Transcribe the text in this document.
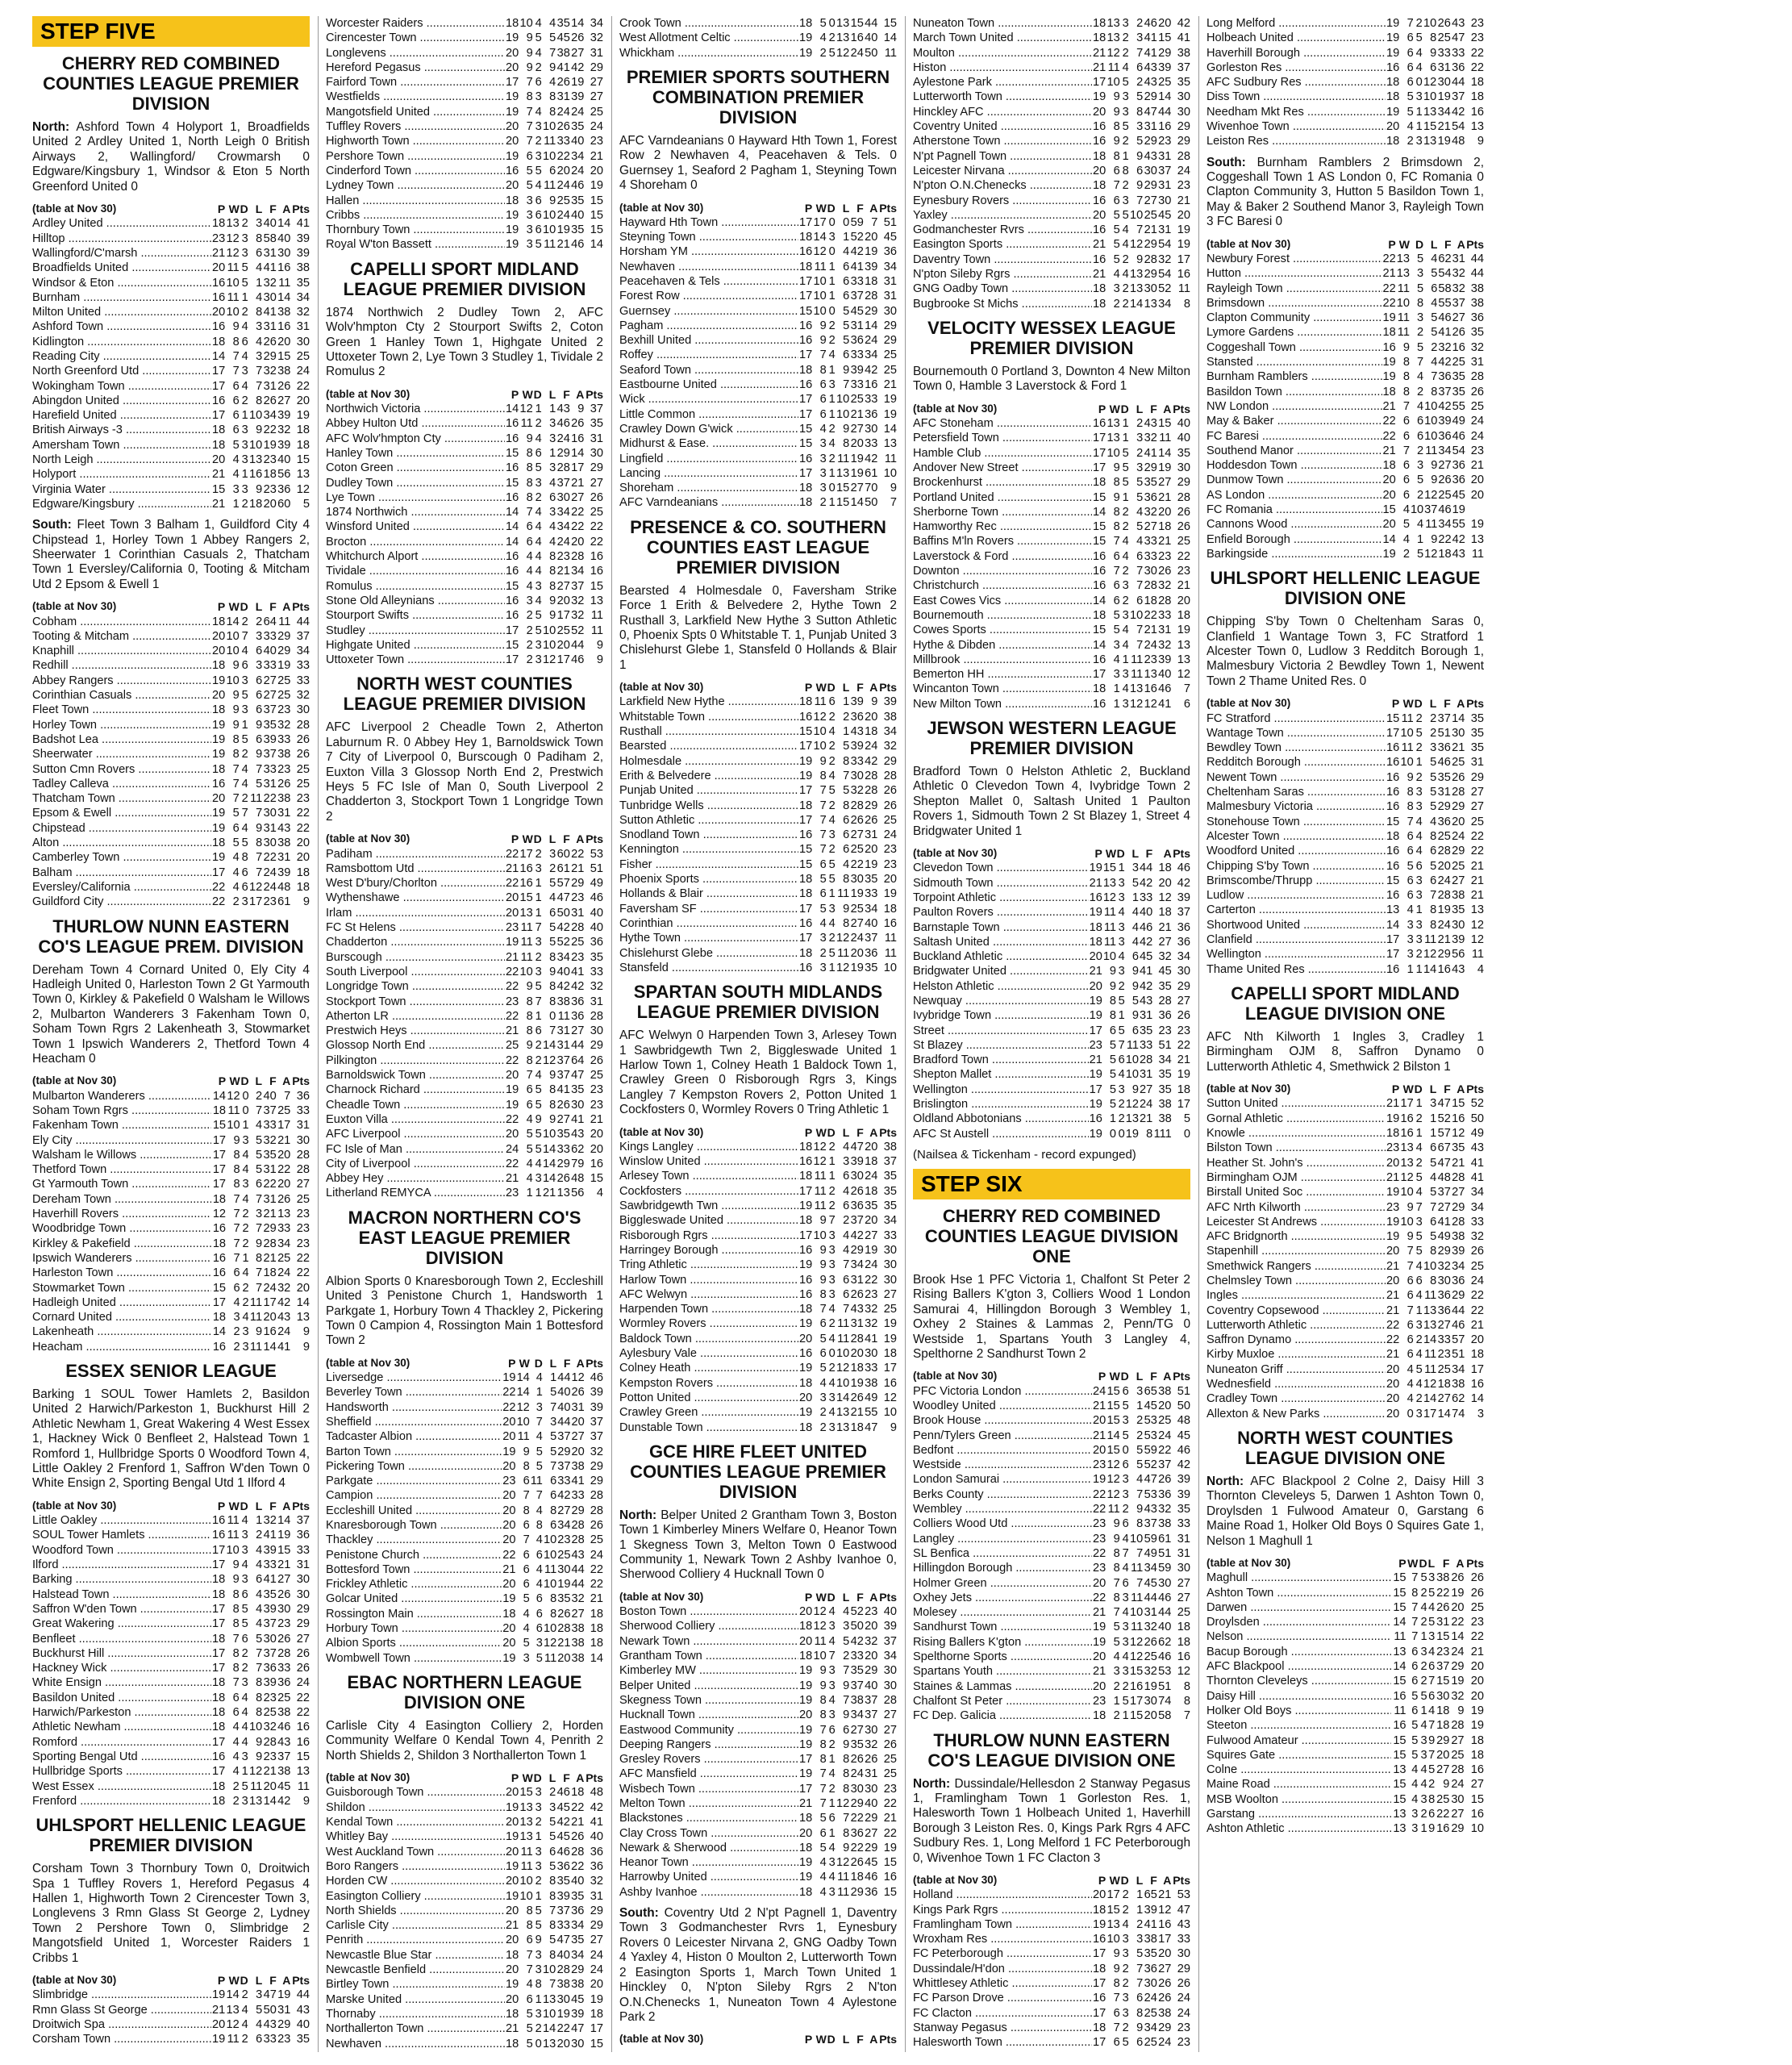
STEP FIVE
CHERRY RED COMBINED COUNTIES LEAGUE PREMIER DIVISION
North: Ashford Town 4 Holyport 1, Broadfields United 2 Ardley United 1, North Leigh 0 British Airways 2, Wallingford/ Crowmarsh 0 Edgware/Kingsbury 1, Windsor & Eton 5 North Greenford United 0
(table at Nov 30)	P	W	D	L	F	A	Pts
Ardley United .....	18	13	2	3	40	14	41
Hilltop .....	23	12	3	8	58	40	39
Wallingford/C'marsh .....	21	12	3	6	31	30	39
Broadfields United .....	20	11	5	4	41	16	38
Windsor & Eton .....	16	10	5	1	32	11	35
Burnham .....	16	11	1	4	30	14	34
Milton United .....	20	10	2	8	41	38	32
Ashford Town .....	16	9	4	3	31	16	31
Kidlington .....	18	8	6	4	26	20	30
Reading City .....	14	7	4	3	29	15	25
North Greenford Utd .....	17	7	3	7	32	38	24
Wokingham Town .....	17	6	4	7	31	26	22
Abingdon United .....	16	6	2	8	26	27	20
Harefield United .....	17	6	1	10	34	39	19
British Airways -3 .....	18	6	3	9	22	32	18
Amersham Town .....	18	5	3	10	19	39	18
North Leigh .....	20	4	3	13	23	40	15
Holyport .....	21	4	1	16	18	56	13
Virginia Water .....	15	3	3	9	23	36	12
Edgware/Kingsbury .....	21	1	2	18	20	60	5
South: Fleet Town 3 Balham 1, Guildford City 4 Chipstead 1, Horley Town 1 Abbey Rangers 2, Sheerwater 1 Corinthian Casuals 2, Thatcham Town 1 Eversley/California 0, Tooting & Mitcham Utd 2 Epsom & Ewell 1
(table at Nov 30)	P	W	D	L	F	A	Pts
Cobham .....	18	14	2	2	64	11	44
Tooting & Mitcham .....	20	10	7	3	33	29	37
Knaphill .....	20	10	4	6	40	29	34
Redhill .....	18	9	6	3	33	19	33
Abbey Rangers .....	19	10	3	6	27	25	33
Corinthian Casuals .....	20	9	5	6	27	25	32
Fleet Town .....	18	9	3	6	37	23	30
Horley Town .....	19	9	1	9	35	32	28
Badshot Lea .....	19	8	5	6	39	33	26
Sheerwater .....	19	8	2	9	37	38	26
Sutton Cmn Rovers .....	18	7	4	7	33	23	25
Tadley Calleva .....	16	7	4	5	31	26	25
Thatcham Town .....	20	7	2	11	22	38	23
Epsom & Ewell .....	19	5	7	7	30	31	22
Chipstead .....	19	6	4	9	31	43	22
Alton .....	18	5	5	8	30	38	20
Camberley Town .....	19	4	8	7	22	31	20
Balham .....	17	4	6	7	24	39	18
Eversley/California .....	22	4	6	12	24	48	18
Guildford City .....	22	2	3	17	23	61	9
THURLOW NUNN EASTERN CO'S LEAGUE PREM. DIVISION
Dereham Town 4 Cornard United 0, Ely City 4 Hadleigh United 0, Harleston Town 2 Gt Yarmouth Town 0, Kirkley & Pakefield 0 Walsham le Willows 2, Mulbarton Wanderers 3 Fakenham Town 0, Soham Town Rgrs 2 Lakenheath 3, Stowmarket Town 1 Ipswich Wanderers 2, Thetford Town 4 Heacham 0
(table at Nov 30)	P	W	D	L	F	A	Pts
Mulbarton Wanderers .....	14	12	0	2	40	7	36
Soham Town Rgrs .....	18	11	0	7	37	25	33
Fakenham Town .....	15	10	1	4	33	17	31
Ely City .....	17	9	3	5	32	21	30
Walsham le Willows .....	17	8	4	5	35	20	28
Thetford Town .....	17	8	4	5	31	22	28
Gt Yarmouth Town .....	17	8	3	6	22	20	27
Dereham Town .....	18	7	4	7	31	26	25
Haverhill Rovers .....	12	7	2	3	21	13	23
Woodbridge Town .....	16	7	2	7	29	33	23
Kirkley & Pakefield .....	18	7	2	9	28	34	23
Ipswich Wanderers .....	16	7	1	8	21	25	22
Harleston Town .....	16	6	4	7	18	24	22
Stowmarket Town .....	15	6	2	7	24	32	20
Hadleigh United .....	17	4	2	11	17	42	14
Cornard United .....	18	3	4	11	20	43	13
Lakenheath .....	14	2	3	9	16	24	9
Heacham .....	16	2	3	11	14	41	9
ESSEX SENIOR LEAGUE
Barking 1 SOUL Tower Hamlets 2, Basildon United 2 Harwich/Parkeston 1, Buckhurst Hill 2 Athletic Newham 1, Great Wakering 4 West Essex 1, Hackney Wick 0 Benfleet 2, Halstead Town 1 Romford 1, Hullbridge Sports 0 Woodford Town 4, Little Oakley 2 Frenford 1, Saffron W'den Town 0 White Ensign 2, Sporting Bengal Utd 1 Ilford 4
(table at Nov 30)	P	W	D	L	F	A	Pts
Little Oakley .....	16	11	4	1	32	14	37
SOUL Tower Hamlets .....	16	11	3	2	41	19	36
Woodford Town .....	17	10	3	4	39	15	33
Ilford .....	17	9	4	4	33	21	31
Barking .....	18	9	3	6	41	27	30
Halstead Town .....	18	8	6	4	35	26	30
Saffron W'den Town .....	17	8	5	4	39	30	29
Great Wakering .....	17	8	5	4	37	23	29
Benfleet .....	18	7	6	5	30	26	27
Buckhurst Hill .....	17	8	2	7	37	28	26
Hackney Wick .....	17	8	2	7	36	33	26
White Ensign .....	18	7	3	8	39	36	24
Basildon United .....	18	6	4	8	23	25	22
Harwich/Parkeston .....	18	6	4	8	25	38	22
Athletic Newham .....	18	4	4	10	32	46	16
Romford .....	17	4	4	9	28	43	16
Sporting Bengal Utd .....	16	4	3	9	23	37	15
Hullbridge Sports .....	17	4	1	12	21	38	13
West Essex .....	18	2	5	11	20	45	11
Frenford .....	18	2	3	13	14	42	9
UHLSPORT HELLENIC LEAGUE PREMIER DIVISION
Corsham Town 3 Thornbury Town 0, Droitwich Spa 1 Tuffley Rovers 1, Hereford Pegasus 4 Hallen 1, Highworth Town 2 Cirencester Town 3, Longlevens 3 Rmn Glass St George 2, Lydney Town 2 Pershore Town 0, Slimbridge 2 Mangotsfield United 1, Worcester Raiders 1 Cribbs 1
(table at Nov 30)	P	W	D	L	F	A	Pts
Slimbridge .....	19	14	2	3	47	19	44
Rmn Glass St George .....	21	13	4	5	50	31	43
Droitwich Spa .....	20	12	4	4	43	29	40
Corsham Town .....	19	11	2	6	33	23	35
Worcester Raiders .....	18	10	4	4	35	14	34
Cirencester Town .....	19	9	5	5	45	26	32
Longlevens .....	20	9	4	7	38	27	31
Hereford Pegasus .....	20	9	2	9	41	42	29
Fairford Town .....	17	7	6	4	26	19	27
Westfields .....	19	8	3	8	31	39	27
Mangotsfield United .....	19	7	4	8	24	24	25
Tuffley Rovers .....	20	7	3	10	26	35	24
Highworth Town .....	20	7	2	11	33	40	23
Pershore Town .....	19	6	3	10	22	34	21
Cinderford Town .....	16	5	5	6	20	24	20
Lydney Town .....	20	5	4	11	24	46	19
Hallen .....	18	3	6	9	25	35	15
Cribbs .....	19	3	6	10	24	40	15
Thornbury Town .....	19	3	6	10	19	35	15
Royal W'ton Bassett .....	19	3	5	11	21	46	14
CAPELLI SPORT MIDLAND LEAGUE PREMIER DIVISION
1874 Northwich 2 Dudley Town 2, AFC Wolv'hmpton Cty 2 Stourport Swifts 2, Coton Green 1 Hanley Town 1, Highgate United 2 Uttoxeter Town 2, Lye Town 3 Studley 1, Tividale 2 Romulus 2
(table at Nov 30)	P	W	D	L	F	A	Pts
Northwich Victoria .....	14	12	1	1	43	9	37
Abbey Hulton Utd .....	16	11	2	3	46	26	35
AFC Wolv'hmpton Cty .....	16	9	4	3	24	16	31
Hanley Town .....	15	8	6	1	29	14	30
Coton Green .....	16	8	5	3	28	17	29
Dudley Town .....	15	8	3	4	37	21	27
Lye Town .....	16	8	2	6	30	27	26
1874 Northwich .....	14	7	4	3	34	22	25
Winsford United .....	14	6	4	4	34	22	22
Brocton .....	14	6	4	4	24	20	22
Whitchurch Alport .....	16	4	4	8	23	28	16
Tividale .....	16	4	4	8	21	34	16
Romulus .....	15	4	3	8	27	37	15
Stone Old Alleynians .....	16	3	4	9	20	32	13
Stourport Swifts .....	16	2	5	9	17	32	11
Studley .....	17	2	5	10	25	52	11
Highgate United .....	15	2	3	10	20	44	9
Uttoxeter Town .....	17	2	3	12	17	46	9
NORTH WEST COUNTIES LEAGUE PREMIER DIVISION
AFC Liverpool 2 Cheadle Town 2, Atherton Laburnum R. 0 Abbey Hey 1, Barnoldswick Town 7 City of Liverpool 0, Burscough 0 Padiham 2, Euxton Villa 3 Glossop North End 2, Prestwich Heys 5 FC Isle of Man 0, South Liverpool 2 Chadderton 3, Stockport Town 1 Longridge Town 2
(table at Nov 30)	P	W	D	L	F	A	Pts
Padiham .....	22	17	2	3	60	22	53
Ramsbottom Utd .....	21	16	3	2	61	21	51
West D'bury/Chorlton .....	22	16	1	5	57	29	49
Wythenshawe .....	20	15	1	4	47	23	46
Irlam .....	20	13	1	6	50	31	40
FC St Helens .....	23	11	7	5	42	28	40
Chadderton .....	19	11	3	5	52	25	36
Burscough .....	21	11	2	8	34	23	35
South Liverpool .....	22	10	3	9	40	41	33
Longridge Town .....	22	9	5	8	42	42	32
Stockport Town .....	23	8	7	8	38	36	31
Atherton LR .....	22	8	1	0	11	36	28
Prestwich Heys .....	21	8	6	7	31	27	30
Glossop North End .....	25	9	2	14	31	44	29
Pilkington .....	22	8	2	12	37	64	26
Barnoldswick Town .....	20	7	4	9	37	47	25
Charnock Richard .....	19	6	5	8	41	35	23
Cheadle Town .....	19	6	5	8	26	30	23
Euxton Villa .....	22	4	9	9	27	41	21
AFC Liverpool .....	20	5	5	10	35	43	20
FC Isle of Man .....	24	5	5	14	33	62	20
City of Liverpool .....	22	4	4	14	29	79	16
Abbey Hey .....	21	4	3	14	26	48	15
Litherland REMYCA .....	23	1	1	21	13	56	4
MACRON NORTHERN CO'S EAST LEAGUE PREMIER DIVISION
Albion Sports 0 Knaresborough Town 2, Eccleshill United 3 Penistone Church 1, Handsworth 1 Parkgate 1, Horbury Town 4 Thackley 2, Pickering Town 0 Campion 4, Rossington Main 1 Bottesford Town 2
(table at Nov 30)	P	W	D	L	F	A	Pts
Liversedge .....	19	14	4	1	44	12	46
Beverley Town .....	22	14	1	5	40	26	39
Handsworth .....	22	12	3	7	40	31	39
Sheffield .....	20	10	7	3	44	20	37
Tadcaster Albion .....	20	11	4	5	37	27	37
Barton Town .....	19	9	5	5	29	20	32
Pickering Town .....	20	8	5	7	37	38	29
Parkgate .....	23	6	11	6	33	41	29
Campion .....	20	7	7	6	42	33	28
Eccleshill United .....	20	8	4	8	27	29	28
Knaresborough Town .....	20	6	8	6	34	28	26
Thackley .....	20	7	4	10	23	28	25
Penistone Church .....	22	6	6	10	25	43	24
Bottesford Town .....	21	6	4	11	30	44	22
Frickley Athletic .....	20	6	4	10	19	44	22
Golcar United .....	19	5	6	8	35	32	21
Rossington Main .....	18	4	6	8	26	27	18
Horbury Town .....	20	4	6	10	28	38	18
Albion Sports .....	20	5	3	12	21	38	18
Wombwell Town .....	19	3	5	11	20	38	14
EBAC NORTHERN LEAGUE DIVISION ONE
Carlisle City 4 Easington Colliery 2, Horden Community Welfare 0 Kendal Town 4, Penrith 2 North Shields 2, Shildon 3 Northallerton Town 1
(table at Nov 30)	P	W	D	L	F	A	Pts
Guisborough Town .....	20	15	3	2	46	18	48
Shildon .....	19	13	3	3	45	22	42
Kendal Town .....	20	13	2	5	42	21	41
Whitley Bay .....	19	13	1	5	45	26	40
West Auckland Town .....	20	11	3	6	46	28	36
Boro Rangers .....	19	11	3	5	36	22	36
Horden CW .....	20	10	2	8	35	40	32
Easington Colliery .....	19	10	1	8	39	35	31
North Shields .....	20	8	5	7	37	36	29
Carlisle City .....	21	8	5	8	33	34	29
Penrith .....	20	6	9	5	47	35	27
Newcastle Blue Star .....	18	7	3	8	40	34	24
Newcastle Benfield .....	20	7	3	10	28	29	24
Birtley Town .....	19	4	8	7	38	38	20
Marske United .....	20	6	1	13	30	45	19
Thornaby .....	18	5	3	10	19	39	18
Northallerton Town .....	21	5	2	14	22	47	17
Newhaven .....	18	5	0	13	20	30	15
Crook Town .....	18	5	0	13	15	44	15
West Allotment Celtic .....	19	4	2	13	16	40	14
Whickham .....	19	2	5	12	24	50	11
PREMIER SPORTS SOUTHERN COMBINATION PREMIER DIVISION
AFC Varndeanians 0 Hayward Hth Town 1, Forest Row 2 Newhaven 4, Peacehaven & Tels. 0 Guernsey 1, Seaford 2 Pagham 1, Steyning Town 4 Shoreham 0
(table at Nov 30)	P	W	D	L	F	A	Pts
Hayward Hth Town .....	17	17	0	0	59	7	51
Steyning Town .....	18	14	3	1	52	20	45
Horsham YM .....	16	12	0	4	42	19	36
Newhaven .....	18	11	1	6	41	39	34
Peacehaven & Tels .....	17	10	1	6	33	18	31
Forest Row .....	17	10	1	6	37	28	31
Guernsey .....	15	10	0	5	45	29	30
Pagham .....	16	9	2	5	31	14	29
Bexhill United .....	16	9	2	5	36	24	29
Roffey .....	17	7	4	6	33	34	25
Seaford Town .....	18	8	1	9	39	42	25
Eastbourne United .....	16	6	3	7	33	16	21
Wick .....	17	6	1	10	25	33	19
Little Common .....	17	6	1	10	21	36	19
Crawley Down G'wick .....	15	4	2	9	27	30	14
Midhurst & Ease. .....	15	3	4	8	20	33	13
Lingfield .....	16	3	2	11	19	42	11
Lancing .....	17	3	1	13	19	61	10
Shoreham .....	18	3	0	15	27	70	9
AFC Varndeanians .....	18	2	1	15	14	50	7
PRESENCE & CO. SOUTHERN COUNTIES EAST LEAGUE PREMIER DIVISION
Bearsted 4 Holmesdale 0, Faversham Strike Force 1 Erith & Belvedere 2, Hythe Town 2 Rusthall 3, Larkfield New Hythe 3 Sutton Athletic 0, Phoenix Spts 0 Whitstable T. 1, Punjab United 3 Chislehurst Glebe 1, Stansfeld 0 Hollands & Blair 1
(table at Nov 30)	P	W	D	L	F	A	Pts
Larkfield New Hythe .....	18	11	6	1	39	9	39
Whitstable Town .....	16	12	2	2	36	20	38
Rusthall .....	15	10	4	1	43	18	34
Bearsted .....	17	10	2	5	39	24	32
Holmesdale .....	19	9	2	8	33	42	29
Erith & Belvedere .....	19	8	4	7	30	28	28
Punjab United .....	17	7	5	5	32	28	26
Tunbridge Wells .....	18	7	2	8	28	29	26
Sutton Athletic .....	17	7	4	6	26	26	25
Snodland Town .....	16	7	3	6	27	31	24
Kennington .....	15	7	2	6	25	20	23
Fisher .....	15	6	5	4	22	19	23
Phoenix Sports .....	18	5	5	8	30	35	20
Hollands & Blair .....	18	6	1	11	19	33	19
Faversham SF .....	17	5	3	9	25	34	18
Corinthian .....	16	4	4	8	27	40	16
Hythe Town .....	17	3	2	12	24	37	11
Chislehurst Glebe .....	18	2	5	11	20	36	11
Stansfeld .....	16	3	1	12	19	35	10
SPARTAN SOUTH MIDLANDS LEAGUE PREMIER DIVISION
AFC Welwyn 0 Harpenden Town 3, Arlesey Town 1 Sawbridgewth Twn 2, Biggleswade United 1 Harlow Town 1, Colney Heath 1 Baldock Town 1, Crawley Green 0 Risborough Rgrs 3, Kings Langley 7 Kempston Rovers 2, Potton United 1 Cockfosters 0, Wormley Rovers 0 Tring Athletic 1
(table at Nov 30)	P	W	D	L	F	A	Pts
Kings Langley .....	18	12	2	4	47	20	38
Winslow United .....	16	12	1	3	39	18	37
Arlesey Town .....	18	11	1	6	30	24	35
Cockfosters .....	17	11	2	4	26	18	35
Sawbridgewth Twn .....	19	11	2	6	36	35	35
Biggleswade United .....	18	9	7	2	37	20	34
Risborough Rgrs .....	17	10	3	4	42	27	33
Harringey Borough .....	16	9	3	4	29	19	30
Tring Athletic .....	19	9	3	7	34	24	30
Harlow Town .....	16	9	3	6	31	22	30
AFC Welwyn .....	16	8	3	6	26	23	27
Harpenden Town .....	18	7	4	7	43	32	25
Wormley Rovers .....	19	6	2	11	31	32	19
Baldock Town .....	20	5	4	11	28	41	19
Aylesbury Vale .....	16	6	0	10	20	30	18
Colney Heath .....	19	5	2	12	18	33	17
Kempston Rovers .....	18	4	4	10	19	38	16
Potton United .....	20	3	3	14	26	49	12
Crawley Green .....	19	2	4	13	21	55	10
Dunstable Town .....	18	2	3	13	18	47	9
GCE HIRE FLEET UNITED COUNTIES LEAGUE PREMIER DIVISION
North: Belper United 2 Grantham Town 3, Boston Town 1 Kimberley Miners Welfare 0, Heanor Town 1 Skegness Town 3, Melton Town 0 Eastwood Community 1, Newark Town 2 Ashby Ivanhoe 0, Sherwood Colliery 4 Hucknall Town 0
(table at Nov 30)	P	W	D	L	F	A	Pts
Boston Town .....	20	12	4	4	52	23	40
Sherwood Colliery .....	18	12	3	3	50	20	39
Newark Town .....	20	11	4	5	42	32	37
Grantham Town .....	18	10	7	2	33	20	34
Kimberley MW .....	19	9	3	7	35	29	30
Belper United .....	19	9	3	9	37	40	30
Skegness Town .....	19	8	4	7	38	37	28
Hucknall Town .....	20	8	3	9	34	37	27
Eastwood Community .....	19	7	6	6	27	30	27
Deeping Rangers .....	19	8	2	9	35	32	26
Gresley Rovers .....	17	8	1	8	26	26	25
AFC Mansfield .....	19	7	4	8	24	31	25
Wisbech Town .....	17	7	2	8	30	30	23
Melton Town .....	21	7	1	12	29	40	22
Blackstones .....	18	5	6	7	22	29	21
Clay Cross Town .....	20	6	1	8	36	27	22
Newark & Sherwood .....	18	5	4	9	22	29	19
Heanor Town .....	19	4	3	12	26	45	15
Harrowby United .....	19	4	4	11	18	46	16
Ashby Ivanhoe .....	18	4	3	11	29	36	15
South: Coventry Utd 2 N'pt Pagnell 1, Daventry Town 3 Godmanchester Rvrs 1, Eynesbury Rovers 0 Leicester Nirvana 2, GNG Oadby Town 4 Yaxley 4, Histon 0 Moulton 2, Lutterworth Town 2 Easington Sports 1, March Town United 1 Hinckley 0, N'pton Sileby Rgrs 2 N'ton O.N.Chenecks 1, Nuneaton Town 4 Aylestone Park 2
(table at Nov 30)	P	W	D	L	F	A	Pts
Nuneaton Town .....	18	13	3	2	46	20	42
March Town United .....	18	13	2	3	41	15	41
Moulton .....	21	12	2	7	41	29	38
Histon .....	21	11	4	6	43	39	37
Aylestone Park .....	17	10	5	2	43	25	35
Lutterworth Town .....	19	9	3	5	29	14	30
Hinckley AFC .....	20	9	3	8	47	44	30
Coventry United .....	16	8	5	3	31	16	29
Atherstone Town .....	16	9	2	5	29	23	29
N'pt Pagnell Town .....	18	8	1	9	43	31	28
Leicester Nirvana .....	20	6	8	6	30	37	24
N'pton O.N.Chenecks .....	18	7	2	9	29	31	23
Eynesbury Rovers .....	16	6	3	7	27	30	21
Yaxley .....	20	5	5	10	25	45	20
Godmanchester Rvrs .....	16	5	4	7	21	31	19
Easington Sports .....	21	5	4	12	29	54	19
Daventry Town .....	16	5	2	9	28	32	17
N'pton Sileby Rgrs .....	21	4	4	13	29	54	16
GNG Oadby Town .....	18	3	2	13	30	52	11
Bugbrooke St Michs .....	18	2	2	14	13	34	8
VELOCITY WESSEX LEAGUE PREMIER DIVISION
Bournemouth 0 Portland 3, Downton 4 New Milton Town 0, Hamble 3 Laverstock & Ford 1
(table at Nov 30)	P	W	D	L	F	A	Pts
AFC Stoneham .....	16	13	1	2	43	15	40
Petersfield Town .....	17	13	1	3	32	11	40
Hamble Club .....	17	10	5	2	41	14	35
Andover New Street .....	17	9	5	3	29	19	30
Brockenhurst .....	18	8	5	5	35	27	29
Portland United .....	15	9	1	5	36	21	28
Sherborne Town .....	14	8	2	4	32	20	26
Hamworthy Rec .....	15	8	2	5	27	18	26
Baffins M'ln Rovers .....	15	7	4	4	33	21	25
Laverstock & Ford .....	16	6	4	6	33	23	22
Downton .....	16	7	2	7	30	26	23
Christchurch .....	16	6	3	7	28	32	21
East Cowes Vics .....	14	6	2	6	18	28	20
Bournemouth .....	18	5	3	10	22	33	18
Cowes Sports .....	15	5	4	7	21	31	19
Hythe & Dibden .....	14	3	4	7	24	32	13
Millbrook .....	16	4	1	11	23	39	13
Bemerton HH .....	17	3	3	11	13	40	12
Wincanton Town .....	18	1	4	13	16	46	7
New Milton Town .....	16	1	3	12	12	41	6
JEWSON WESTERN LEAGUE PREMIER DIVISION
Bradford Town 0 Helston Athletic 2, Buckland Athletic 0 Clevedon Town 4, Ivybridge Town 2 Shepton Mallet 0, Saltash United 1 Paulton Rovers 1, Sidmouth Town 2 St Blazey 1, Street 4 Bridgwater United 1
(table at Nov 30)	P	W	D	L	F	A	Pts
Clevedon Town .....	19	15	1	3	44	18	46
Sidmouth Town .....	21	13	3	5	42	20	42
Torpoint Athletic .....	16	12	3	1	33	12	39
Paulton Rovers .....	19	11	4	4	40	18	37
Barnstaple Town .....	18	11	3	4	46	21	36
Saltash United .....	18	11	3	4	42	27	36
Buckland Athletic .....	20	10	4	6	45	32	34
Bridgwater United .....	21	9	3	9	41	45	30
Helston Athletic .....	20	9	2	9	42	35	29
Newquay .....	19	8	5	5	43	28	27
Ivybridge Town .....	19	8	1	9	31	36	26
Street .....	17	6	5	6	35	23	23
St Blazey .....	23	5	7	11	33	51	22
Bradford Town .....	21	5	6	10	28	34	21
Shepton Mallet .....	19	5	4	10	31	35	19
Wellington .....	17	5	3	9	27	35	18
Brislington .....	19	5	2	12	24	38	17
Oldland Abbotonians .....	16	1	2	13	21	38	5
AFC St Austell .....	19	0	0	19	8	111	0
(Nailsea & Tickenham - record expunged)
STEP SIX
CHERRY RED COMBINED COUNTIES LEAGUE DIVISION ONE
Brook Hse 1 PFC Victoria 1, Chalfont St Peter 2 Rising Ballers K'gton 3, Colliers Wood 1 London Samurai 4, Hillingdon Borough 3 Wembley 1, Oxhey 2 Staines & Lammas 2, Penn/TG 0 Westside 1, Spartans Youth 3 Langley 4, Spelthorne 2 Sandhurst Town 2
(table at Nov 30)	P	W	D	L	F	A	Pts
PFC Victoria London .....	24	15	6	3	65	38	51
Woodley United .....	21	15	5	1	45	20	50
Brook House .....	20	15	3	2	53	25	48
Penn/Tylers Green .....	21	14	5	2	53	24	45
Bedfont .....	20	15	0	5	59	22	46
Westside .....	23	12	6	5	52	37	42
London Samurai .....	19	12	3	4	47	26	39
Berks County .....	22	12	3	7	53	36	39
Wembley .....	22	11	2	9	43	32	35
Colliers Wood Utd .....	23	9	6	8	37	38	33
Langley .....	23	9	4	10	59	61	31
SL Benfica .....	22	8	7	7	49	51	31
Hillingdon Borough .....	23	8	4	11	34	59	30
Holmer Green .....	20	7	6	7	45	30	27
Oxhey Jets .....	22	8	3	11	44	46	27
Molesey .....	21	7	4	10	31	44	25
Sandhurst Town .....	19	5	3	11	32	40	18
Rising Ballers K'gton .....	19	5	3	12	26	62	18
Spelthorne Sports .....	20	4	4	12	25	46	16
Spartans Youth .....	21	3	3	15	32	53	12
Staines & Lammas .....	20	2	2	16	19	51	8
Chalfont St Peter .....	23	1	5	17	30	74	8
FC Dep. Galicia .....	18	2	1	15	20	58	7
THURLOW NUNN EASTERN CO'S LEAGUE DIVISION ONE
North: Dussindale/Hellesdon 2 Stanway Pegasus 1, Framlingham Town 1 Gorleston Res. 1, Halesworth Town 1 Holbeach United 1, Haverhill Borough 3 Leiston Res. 0, Kings Park Rgrs 4 AFC Sudbury Res. 1, Long Melford 1 FC Peterborough 0, Wivenhoe Town 1 FC Clacton 3
(table at Nov 30)	P	W	D	L	F	A	Pts
Holland .....	20	17	2	1	65	21	53
Kings Park Rgrs .....	18	15	2	1	39	12	47
Framlingham Town .....	19	13	4	2	41	16	43
Wroxham Res .....	16	10	3	3	38	17	33
FC Peterborough .....	17	9	3	5	35	20	30
Dussindale/H'don .....	18	9	2	7	36	27	29
Whittlesey Athletic .....	17	8	2	7	30	26	26
FC Parson Drove .....	16	7	3	6	24	26	24
FC Clacton .....	17	6	3	8	25	38	24
Stanway Pegasus .....	18	7	2	9	34	29	23
Halesworth Town .....	17	6	5	6	25	24	23
Long Melford .....	19	7	2	10	26	43	23
Holbeach United .....	19	6	5	8	25	47	23
Haverhill Borough .....	19	6	4	9	33	33	22
Gorleston Res .....	16	6	4	6	31	36	22
AFC Sudbury Res .....	18	6	0	12	30	44	18
Diss Town .....	18	5	3	10	19	37	18
Needham Mkt Res .....	19	5	1	13	34	42	16
Wivenhoe Town .....	20	4	1	15	21	54	13
Leiston Res .....	18	2	3	13	19	48	9
South: Burnham Ramblers 2 Brimsdown 2, Coggeshall Town 1 AS London 0, FC Romania 0 Clapton Community 3, Hutton 5 Basildon Town 1, May & Baker 2 Southend Manor 3, Rayleigh Town 3 FC Baresi 0
(table at Nov 30)	P	W	D	L	F	A	Pts
Newbury Forest .....	22	13	5	4	62	31	44
Hutton .....	21	13	3	5	54	32	44
Rayleigh Town .....	22	11	5	6	58	32	38
Brimsdown .....	22	10	8	4	55	37	38
Clapton Community .....	19	11	3	5	46	27	36
Lymore Gardens .....	18	11	2	5	41	26	35
Coggeshall Town .....	16	9	5	2	32	16	32
Stansted .....	19	8	7	4	42	25	31
Burnham Ramblers .....	19	8	4	7	36	35	28
Basildon Town .....	18	8	2	8	37	35	26
NW London .....	21	7	4	10	42	55	25
May & Baker .....	22	6	6	10	39	49	24
FC Baresi .....	22	6	6	10	36	46	24
Southend Manor .....	21	7	2	11	34	54	23
Hoddesdon Town .....	18	6	3	9	27	36	21
Dunmow Town .....	20	6	5	9	26	36	20
AS London .....	20	6	2	12	25	45	20
FC Romania .....	15	4	10	37	46	19	
Cannons Wood .....	20	5	4	11	34	55	19
Enfield Borough .....	14	4	1	9	22	42	13
Barkingside .....	19	2	5	12	18	43	11
UHLSPORT HELLENIC LEAGUE DIVISION ONE
Chipping S'by Town 0 Cheltenham Saras 0, Clanfield 1 Wantage Town 3, FC Stratford 1 Alcester Town 0, Ludlow 3 Redditch Borough 1, Malmesbury Victoria 2 Bewdley Town 1, Newent Town 2 Thame United Res. 0
(table at Nov 30)	P	W	D	L	F	A	Pts
FC Stratford .....	15	11	2	2	37	14	35
Wantage Town .....	17	10	5	2	51	30	35
Bewdley Town .....	16	11	2	3	36	21	35
Redditch Borough .....	16	10	1	5	46	25	31
Newent Town .....	16	9	2	5	35	26	29
Cheltenham Saras .....	16	8	3	5	31	28	27
Malmesbury Victoria .....	16	8	3	5	29	29	27
Stonehouse Town .....	15	7	4	4	36	20	25
Alcester Town .....	18	6	4	8	25	24	22
Woodford United .....	16	6	4	6	28	29	22
Chipping S'by Town .....	16	5	6	5	20	25	21
Brimscombe/Thrupp .....	15	6	3	6	24	27	21
Ludlow .....	16	6	3	7	28	38	21
Carterton .....	13	4	1	8	19	35	13
Shortwood United .....	14	3	3	8	24	30	12
Clanfield .....	17	3	3	11	21	39	12
Wellington .....	17	3	2	12	29	56	11
Thame United Res .....	16	1	1	14	16	43	4
CAPELLI SPORT MIDLAND LEAGUE DIVISION ONE
AFC Nth Kilworth 1 Ingles 3, Cradley 1 Birmingham OJM 8, Saffron Dynamo 0 Lutterworth Athletic 4, Smethwick 2 Bilston 1
(table at Nov 30)	P	W	D	L	F	A	Pts
Sutton United .....	21	17	1	3	47	15	52
Gornal Athletic .....	19	16	2	1	52	16	50
Knowle .....	18	16	1	1	57	12	49
Bilston Town .....	23	13	4	6	67	35	43
Heather St. John's .....	20	13	2	5	47	21	41
Birmingham OJM .....	21	12	5	4	48	28	41
Birstall United Soc .....	19	10	4	5	37	27	34
AFC Nrth Kilworth .....	23	9	7	7	27	29	34
Leicester St Andrews .....	19	10	3	6	41	28	33
AFC Bridgnorth .....	19	9	5	5	49	38	32
Stapenhill .....	20	7	5	8	29	39	26
Smethwick Rangers .....	21	7	4	10	32	34	25
Chelmsley Town .....	20	6	6	8	30	36	24
Ingles .....	21	6	4	11	36	29	22
Coventry Copsewood .....	21	7	1	13	36	44	22
Lutterworth Athletic .....	22	6	3	13	27	46	21
Saffron Dynamo .....	22	6	2	14	33	57	20
Kirby Muxloe .....	21	6	4	11	23	51	18
Nuneaton Griff .....	20	4	5	11	25	34	17
Wednesfield .....	20	4	4	12	18	38	16
Cradley Town .....	20	4	2	14	27	62	14
Allexton & New Parks .....	20	0	3	17	14	74	3
NORTH WEST COUNTIES LEAGUE DIVISION ONE
North: AFC Blackpool 2 Colne 2, Daisy Hill 3 Thornton Cleveleys 5, Darwen 1 Ashton Town 0, Droylsden 1 Fulwood Amateur 0, Garstang 6 Maine Road 1, Holker Old Boys 0 Squires Gate 1, Nelson 1 Maghull 1
(table at Nov 30)	P	W	D	L	F	A	Pts
Maghull .....	15	7	5	3	38	26	26
Ashton Town .....	15	8	2	5	22	19	26
Darwen .....	15	7	4	4	26	20	25
Droylsden .....	14	7	2	5	31	22	23
Nelson .....	11	7	1	3	15	14	22
Bacup Borough .....	13	6	3	4	23	24	21
AFC Blackpool .....	14	6	2	6	37	29	20
Thornton Cleveleys .....	15	6	2	7	15	19	20
Daisy Hill .....	16	5	5	6	30	32	20
Holker Old Boys .....	11	6	1	4	18	9	19
Steeton .....	16	5	4	7	18	28	19
Fulwood Amateur .....	15	5	3	9	29	27	18
Squires Gate .....	15	5	3	7	20	25	18
Colne .....	13	4	4	5	27	28	16
Maine Road .....	15	4	4	2	9	24	27
MSB Woolton .....	15	4	3	8	25	30	15
Garstang .....	13	3	2	6	22	27	16
Ashton Athletic .....	13	3	1	9	16	29	10
